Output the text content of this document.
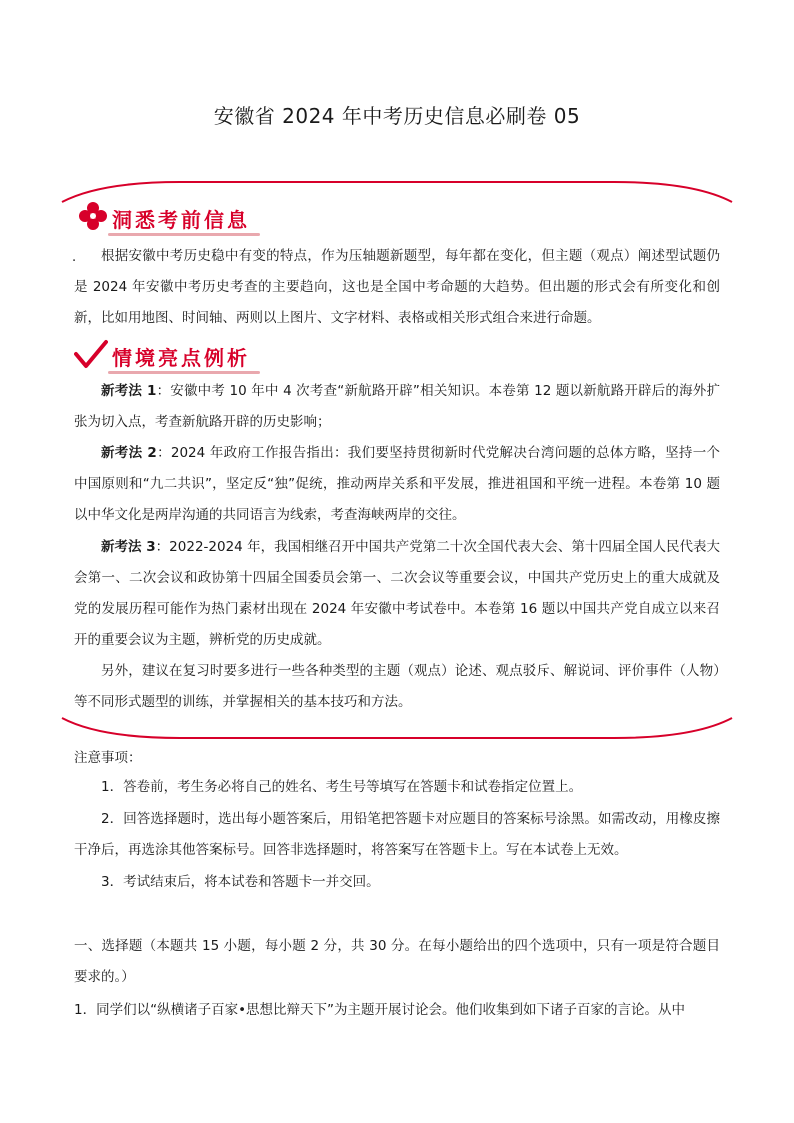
安徽省 2024 年中考历史信息必刷卷 05
洞悉考前信息
.	根据安徽中考历史稳中有变的特点，作为压轴题新题型，每年都在变化，但主题（观点）阐述型试题仍是 2024 年安徽中考历史考查的主要趋向，这也是全国中考命题的大趋势。但出题的形式会有所变化和创新，比如用地图、时间轴、两则以上图片、文字材料、表格或相关形式组合来进行命题。
情境亮点例析
新考法 1：安徽中考 10 年中 4 次考查“新航路开辟”相关知识。本卷第 12 题以新航路开辟后的海外扩张为切入点，考查新航路开辟的历史影响；
新考法 2：2024 年政府工作报告指出：我们要坚持贯彻新时代党解决台湾问题的总体方略，坚持一个中国原则和“九二共识”，坚定反“独”促统，推动两岸关系和平发展，推进祖国和平统一进程。本卷第 10 题以中华文化是两岸沟通的共同语言为线索，考查海峡两岸的交往。
新考法 3：2022-2024 年，我国相继召开中国共产党第二十次全国代表大会、第十四届全国人民代表大会第一、二次会议和政协第十四届全国委员会第一、二次会议等重要会议，中国共产党历史上的重大成就及党的发展历程可能作为热门素材出现在 2024 年安徽中考试卷中。本卷第 16 题以中国共产党自成立以来召开的重要会议为主题，辨析党的历史成就。
另外，建议在复习时要多进行一些各种类型的主题（观点）论述、观点驳斥、解说词、评价事件（人物）等不同形式题型的训练，并掌握相关的基本技巧和方法。
注意事项：
1．答卷前，考生务必将自己的姓名、考生号等填写在答题卡和试卷指定位置上。
2．回答选择题时，选出每小题答案后，用铅笔把答题卡对应题目的答案标号涂黑。如需改动，用橡皮擦干净后，再选涂其他答案标号。回答非选择题时，将答案写在答题卡上。写在本试卷上无效。
3．考试结束后，将本试卷和答题卡一并交回。
一、选择题（本题共 15 小题，每小题 2 分，共 30 分。在每小题给出的四个选项中，只有一项是符合题目要求的。）
1．同学们以“纵横诸子百家•思想比辩天下”为主题开展讨论会。他们收集到如下诸子百家的言论。从中
